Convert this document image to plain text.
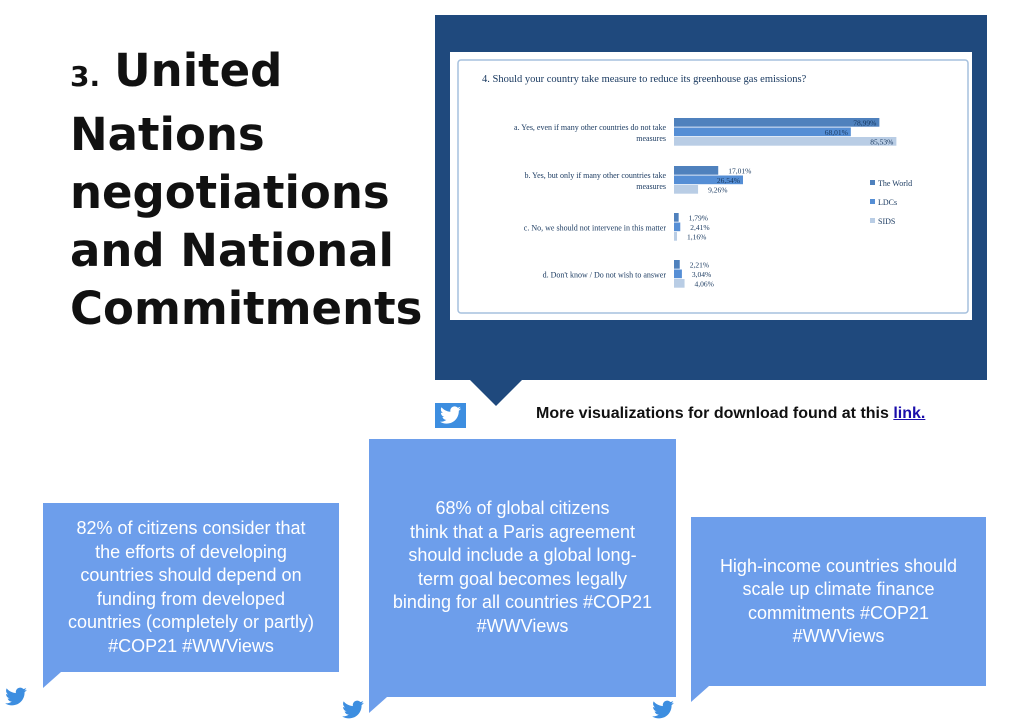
3. United Nations negotiations and National Commitments
4. Should your country take measure to reduce its greenhouse gas emissions?
a. Yes, even if many other countries do not take
measures
78,99%
68,01%
85,53%
b. Yes, but only if many other countries take
measures
17,01%
26,54%
9,26%
c. No, we should not intervene in this matter
1,79%
2,41%
1,16%
d. Don't know / Do not wish to answer
2,21%
3,04%
4,06%
The World
LDCs
SIDS
More visualizations for download found at this link.
82% of citizens consider that
the efforts of developing
countries should depend on
funding from developed
countries (completely or partly)
#COP21 #WWViews
68% of global citizens
think that a Paris agreement
should include a global long-
term goal becomes legally
binding for all countries #COP21
#WWViews
High-income countries should
scale up climate finance
commitments #COP21
#WWViews
